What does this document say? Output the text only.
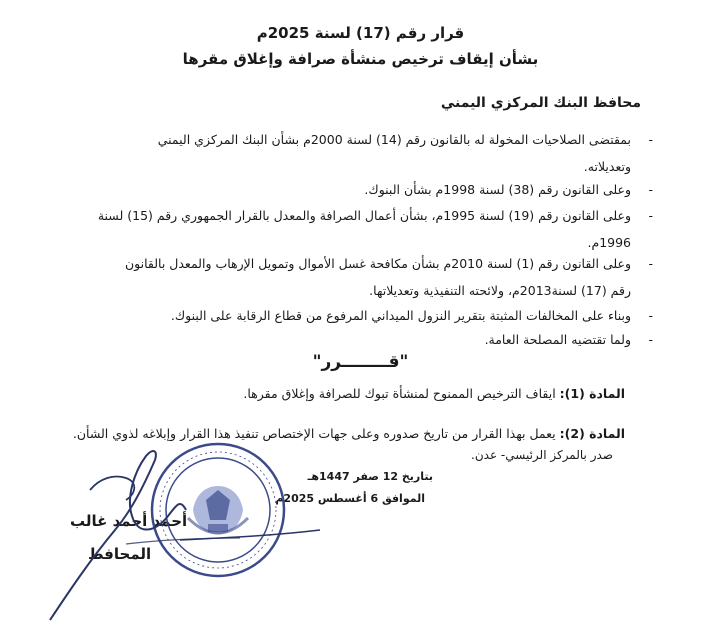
قرار رقم (17) لسنة 2025م
بشأن إيقاف ترخيص منشأة صرافة وإغلاق مقرها
محافظ البنك المركزي اليمني
-
بمقتضى الصلاحيات المخولة له بالقانون رقم (14) لسنة 2000م بشأن البنك المركزي اليمني
وتعديلاته.
-
وعلى القانون رقم (38) لسنة 1998م بشأن البنوك.
-
وعلى القانون رقم (19) لسنة 1995م، بشأن أعمال الصرافة والمعدل بالقرار الجمهوري رقم (15) لسنة
1996م.
-
وعلى القانون رقم (1) لسنة 2010م بشأن مكافحة غسل الأموال وتمويل الإرهاب والمعدل بالقانون
رقم (17) لسنة2013م، ولائحته التنفيذية وتعديلاتها.
-
وبناء على المخالفات المثبتة بتقرير النزول الميداني المرفوع من قطاع الرقابة على البنوك.
-
ولما تقتضيه المصلحة العامة.
"قــــــــرر"
المادة (1): ايقاف الترخيص الممنوح لمنشأة تبوك للصرافة وإغلاق مقرها.
المادة (2): يعمل بهذا القرار من تاريخ صدوره وعلى جهات الإختصاص تنفيذ هذا القرار وإبلاغه لذوي الشأن.
صدر بالمركز الرئيسي- عدن.
بتاريخ 12 صفر 1447هـ
الموافق 6 أغسطس 2025م
أحمد أحمد غالب
المحافظ
